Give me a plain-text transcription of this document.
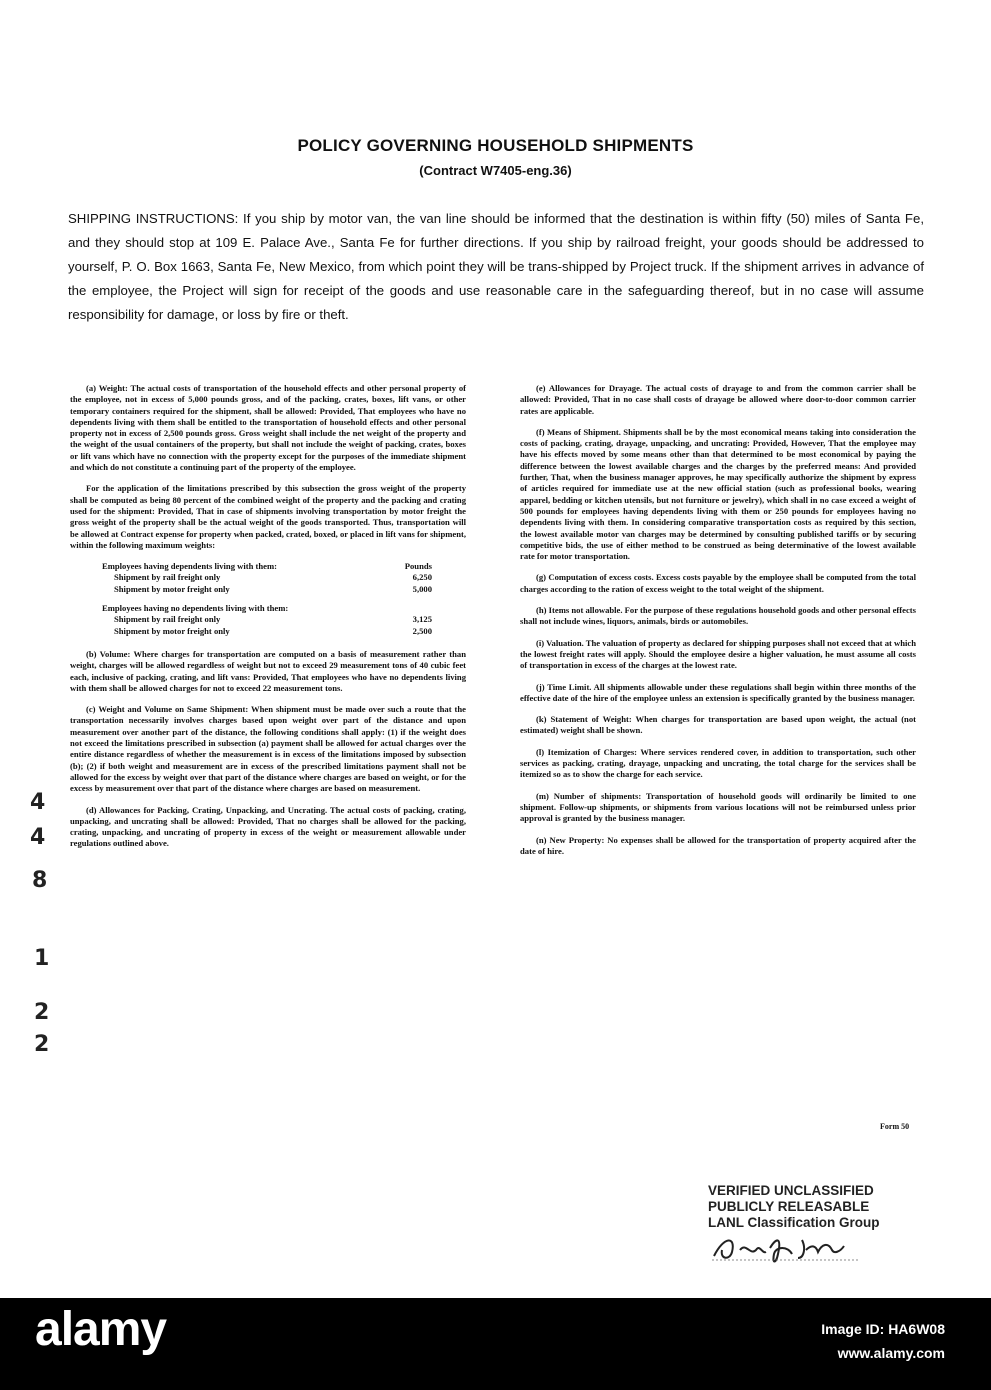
POLICY GOVERNING HOUSEHOLD SHIPMENTS
(Contract W7405-eng.36)
SHIPPING INSTRUCTIONS: If you ship by motor van, the van line should be informed that the destination is within fifty (50) miles of Santa Fe, and they should stop at 109 E. Palace Ave., Santa Fe for further directions. If you ship by railroad freight, your goods should be addressed to yourself, P. O. Box 1663, Santa Fe, New Mexico, from which point they will be trans-shipped by Project truck. If the shipment arrives in advance of the employee, the Project will sign for receipt of the goods and use reasonable care in the safeguarding thereof, but in no case will assume responsibility for damage, or loss by fire or theft.

(a) Weight: The actual costs of transportation of the household effects and other personal property of the employee, not in excess of 5,000 pounds gross, and of the packing, crates, boxes, lift vans, or other temporary containers required for the shipment, shall be allowed: Provided, That employees who have no dependents living with them shall be entitled to the transportation of household effects and other personal property not in excess of 2,500 pounds gross. Gross weight shall include the net weight of the property and the weight of the usual containers of the property, but shall not include the weight of packing, crates, boxes or lift vans which have no connection with the property except for the purposes of the immediate shipment and which do not constitute a continuing part of the property of the employee.

For the application of the limitations prescribed by this subsection the gross weight of the property shall be computed as being 80 percent of the combined weight of the property and the packing and crating used for the shipment: Provided, That in case of shipments involving transportation by motor freight the gross weight of the property shall be the actual weight of the goods transported. Thus, transportation will be allowed at Contract expense for property when packed, crated, boxed, or placed in lift vans for shipment, within the following maximum weights:

Employees having dependents living with them:	Pounds
Shipment by rail freight only	6,250
Shipment by motor freight only	5,000
Employees having no dependents living with them:
Shipment by rail freight only	3,125
Shipment by motor freight only	2,500

(b) Volume: Where charges for transportation are computed on a basis of measurement rather than weight, charges will be allowed regardless of weight but not to exceed 29 measurement tons of 40 cubic feet each, inclusive of packing, crating, and lift vans: Provided, That employees who have no dependents living with them shall be allowed charges for not to exceed 22 measurement tons.

(c) Weight and Volume on Same Shipment: When shipment must be made over such a route that the transportation necessarily involves charges based upon weight over part of the distance and upon measurement over another part of the distance, the following conditions shall apply: (1) if the weight does not exceed the limitations prescribed in subsection (a) payment shall be allowed for actual charges over the entire distance regardless of whether the measurement is in excess of the limitations imposed by subsection (b); (2) if both weight and measurement are in excess of the prescribed limitations payment shall not be allowed for the excess by weight over that part of the distance where charges are based on weight, or for the excess by measurement over that part of the distance where charges are based on measurement.

(d) Allowances for Packing, Crating, Unpacking, and Uncrating. The actual costs of packing, crating, unpacking, and uncrating shall be allowed: Provided, That no charges shall be allowed for the packing, crating, unpacking, and uncrating of property in excess of the weight or measurement allowable under regulations outlined above.

(e) Allowances for Drayage. The actual costs of drayage to and from the common carrier shall be allowed: Provided, That in no case shall costs of drayage be allowed where door-to-door common carrier rates are applicable.

(f) Means of Shipment. Shipments shall be by the most economical means taking into consideration the costs of packing, crating, drayage, unpacking, and uncrating: Provided, However, That the employee may have his effects moved by some means other than that determined to be most economical by paying the difference between the lowest available charges and the charges by the preferred means: And provided further, That, when the business manager approves, he may specifically authorize the shipment by express of articles required for immediate use at the new official station (such as professional books, wearing apparel, bedding or kitchen utensils, but not furniture or jewelry), which shall in no case exceed a weight of 500 pounds for employees having dependents living with them or 250 pounds for employees having no dependents living with them. In considering comparative transportation costs as required by this section, the lowest available motor van charges may be determined by consulting published tariffs or by securing competitive bids, the use of either method to be construed as being determinative of the lowest available rate for motor transportation.

(g) Computation of excess costs. Excess costs payable by the employee shall be computed from the total charges according to the ration of excess weight to the total weight of the shipment.

(h) Items not allowable. For the purpose of these regulations household goods and other personal effects shall not include wines, liquors, animals, birds or automobiles.

(i) Valuation. The valuation of property as declared for shipping purposes shall not exceed that at which the lowest freight rates will apply. Should the employee desire a higher valuation, he must assume all costs of transportation in excess of the charges at the lowest rate.

(j) Time Limit. All shipments allowable under these regulations shall begin within three months of the effective date of the hire of the employee unless an extension is specifically granted by the business manager.

(k) Statement of Weight: When charges for transportation are based upon weight, the actual (not estimated) weight shall be shown.

(l) Itemization of Charges: Where services rendered cover, in addition to transportation, such other services as packing, crating, drayage, unpacking and uncrating, the total charge for the services shall be itemized so as to show the charge for each service.

(m) Number of shipments: Transportation of household goods will ordinarily be limited to one shipment. Follow-up shipments, or shipments from various locations will not be reimbursed unless prior approval is granted by the business manager.

(n) New Property: No expenses shall be allowed for the transportation of property acquired after the date of hire.

Form 50
VERIFIED UNCLASSIFIED
PUBLICLY RELEASABLE
LANL Classification Group
4
4
8
1
2
2
alamy	Image ID: HA6W08
www.alamy.com
